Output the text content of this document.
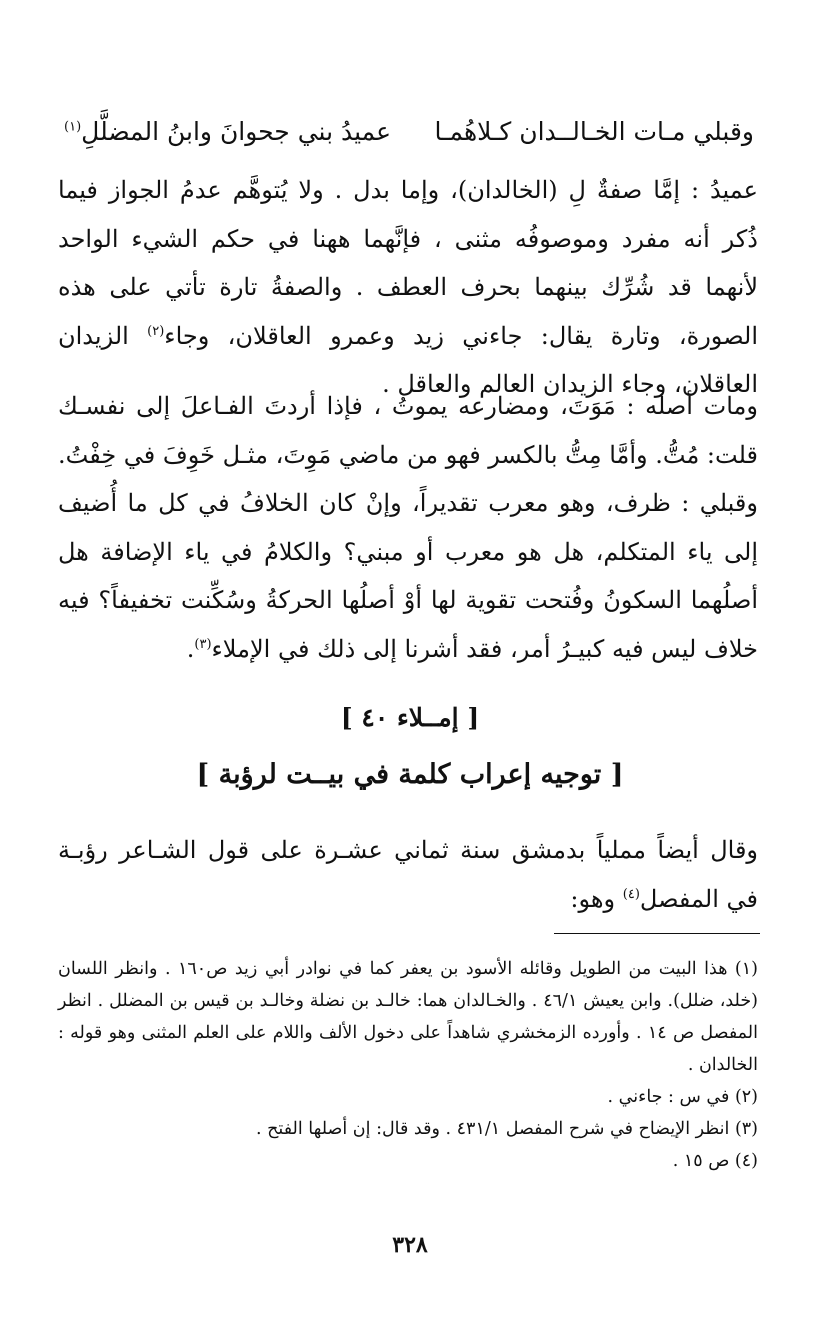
وقبلي مـات الخـالــدان كـلاهُمـا
عميدُ بني جحوانَ وابنُ المضلَّلِ$^{(١)}$
عميدُ : إمَّا صفةٌ لِ (الخالدان)، وإما بدل . ولا يُتوهَّم عدمُ الجواز فيما ذُكر أنه مفرد وموصوفُه مثنى ، فإنَّهما ههنا في حكم الشيء الواحد لأنهما قد شُرِّك بينهما بحرف العطف . والصفةُ تارة تأتي على هذه الصورة، وتارة يقال: جاءني زيد وعمرو العاقلان، وجاء$^{(٢)}$ الزيدان العاقلان، وجاء الزيدان العالم والعاقل .
ومات أصله : مَوَتَ، ومضارعه يموتُ ، فإذا أردتَ الفـاعلَ إلى نفسـك قلت: مُتُّ. وأمَّا مِتُّ بالكسر فهو من ماضي مَوِتَ، مثـل خَوِفَ في خِفْتُ. وقبلي : ظرف، وهو معرب تقديراً، وإنْ كان الخلافُ في كل ما أُضيف إلى ياء المتكلم، هل هو معرب أو مبني؟ والكلامُ في ياء الإضافة هل أصلُهما السكونُ وفُتحت تقوية لها أوْ أصلُها الحركةُ وسُكِّنت تخفيفاً؟ فيه خلاف ليس فيه كبيـرُ أمر، فقد أشرنا إلى ذلك في الإملاء$^{(٣)}$.
[ إمــلاء ٤٠ ]
[ توجيه إعراب كلمة في بيــت لرؤبة ]
وقال أيضاً مملياً بدمشق سنة ثماني عشـرة على قول الشـاعر رؤبـة في المفصل$^{(٤)}$ وهو:
(١) هذا البيت من الطويل وقائله الأسود بن يعفر كما في نوادر أبي زيد ص١٦٠ . وانظر اللسان (خلد، ضلل). وابن يعيش ٤٦/١ . والخـالدان هما: خالـد بن نضلة وخالـد بن قيس بن المضلل . انظر المفصل ص ١٤ . وأورده الزمخشري شاهداً على دخول الألف واللام على العلم المثنى وهو قوله : الخالدان .
(٢) في س : جاءني .
(٣) انظر الإيضاح في شرح المفصل ٤٣١/١ . وقد قال: إن أصلها الفتح .
(٤) ص ١٥ .
٣٢٨
